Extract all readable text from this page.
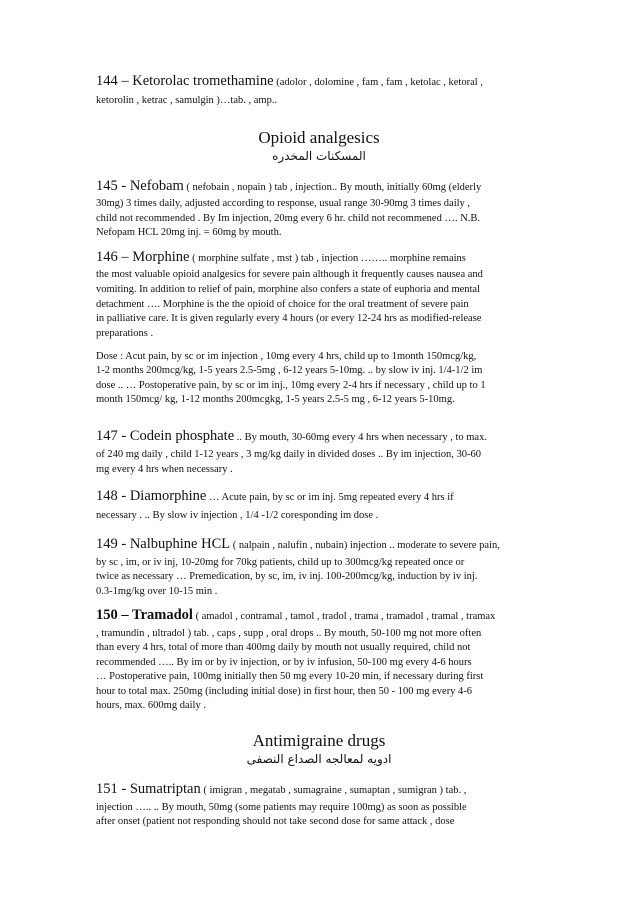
144 – Ketorolac tromethamine (adolor , dolomine , fam , fam , ketolac , ketoral ,
ketorolin , ketrac , samulgin )…tab. , amp..
Opioid analgesics
المسكنات المخدره
145 - Nefobam ( nefobain , nopain ) tab , injection.. By mouth, initially 60mg (elderly
30mg) 3 times daily, adjusted according to response, usual range 30-90mg 3 times daily ,
child not recommended . By Im injection, 20mg every 6 hr. child not recommened …. N.B.
Nefopam HCL 20mg inj. = 60mg by mouth.
146 – Morphine ( morphine sulfate , mst ) tab , injection …….. morphine remains
the most valuable opioid analgesics for severe pain although it frequently causes nausea and
vomiting. In addition to relief of pain, morphine also confers a state of euphoria and mental
detachment …. Morphine is the the opioid of choice for the oral treatment of severe pain
in palliative care. It is given regularly every 4 hours (or every 12-24 hrs as modified-release
preparations .
Dose : Acut pain, by sc or im injection , 10mg every 4 hrs, child up to 1month 150mcg/kg,
1-2 months 200mcg/kg, 1-5 years 2.5-5mg , 6-12 years 5-10mg. .. by slow iv inj. 1/4-1/2 im
dose .. … Postoperative pain, by sc or im inj., 10mg every 2-4 hrs if necessary , child up to 1
month 150mcg/ kg, 1-12 months 200mcgkg, 1-5 years 2.5-5 mg , 6-12 years 5-10mg.
147 - Codein phosphate .. By mouth, 30-60mg every 4 hrs when necessary , to max.
of 240 mg daily , child 1-12 years , 3 mg/kg daily in divided doses .. By im injection, 30-60
mg every 4 hrs when necessary .
148 - Diamorphine … Acute pain, by sc or im inj. 5mg repeated every 4 hrs if
necessary . .. By slow iv injection , 1/4 -1/2 coresponding im dose .
149 - Nalbuphine HCL ( nalpain , nalufin , nubain) injection .. moderate to severe pain,
by sc , im, or iv inj, 10-20mg for 70kg patients, child up to 300mcg/kg repeated once or
twice as necessary … Premedication, by sc, im, iv inj. 100-200mcg/kg, induction by iv inj.
0.3-1mg/kg over 10-15 min .
150 – Tramadol ( amadol , contramal , tamol , tradol , trama , tramadol , tramal , tramax
, tramundin , ultradol ) tab. , caps , supp , oral drops .. By mouth, 50-100 mg not more often
than every 4 hrs, total of more than 400mg daily by mouth not usually required, child not
recommended ….. By im or by iv injection, or by iv infusion, 50-100 mg every 4-6 hours
… Postoperative pain, 100mg initially then 50 mg every 10-20 min, if necessary during first
hour to total max. 250mg (including initial dose) in first hour, then 50 - 100 mg every 4-6
hours, max. 600mg daily .
Antimigraine drugs
ادويه لمعالجه الصداع النصفى
151 - Sumatriptan ( imigran , megatab , sumagraine , sumaptan , sumigran ) tab. ,
injection ….. .. By mouth, 50mg (some patients may require 100mg) as soon as possible
after onset (patient not responding should not take second dose for same attack , dose
